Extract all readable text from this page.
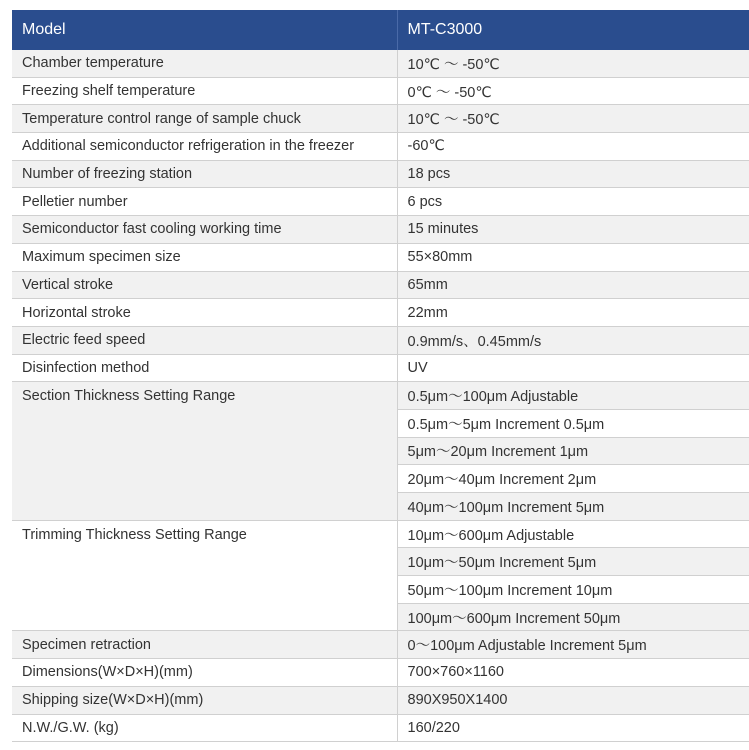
Model	MT-C3000
Chamber temperature	10℃ ～ -50℃
Freezing shelf temperature	0℃ ～ -50℃
Temperature control range of sample chuck	10℃ ～ -50℃
Additional semiconductor refrigeration in the freezer	-60℃
Number of freezing station	18 pcs
Pelletier number	6 pcs
Semiconductor fast cooling working time	15 minutes
Maximum specimen size	55×80mm
Vertical stroke	65mm
Horizontal stroke	22mm
Electric feed speed	0.9mm/s、0.45mm/s
Disinfection method	UV
Section Thickness Setting Range	0.5μm～100μm Adjustable
	0.5μm～5μm Increment 0.5μm
	5μm～20μm Increment 1μm
	20μm～40μm Increment 2μm
	40μm～100μm Increment 5μm
Trimming Thickness Setting Range	10μm～600μm Adjustable
	10μm～50μm Increment 5μm
	50μm～100μm Increment 10μm
	100μm～600μm Increment 50μm
Specimen retraction	0～100μm Adjustable Increment 5μm
Dimensions(W×D×H)(mm)	700×760×1160
Shipping size(W×D×H)(mm)	890X950X1400
N.W./G.W. (kg)	160/220
